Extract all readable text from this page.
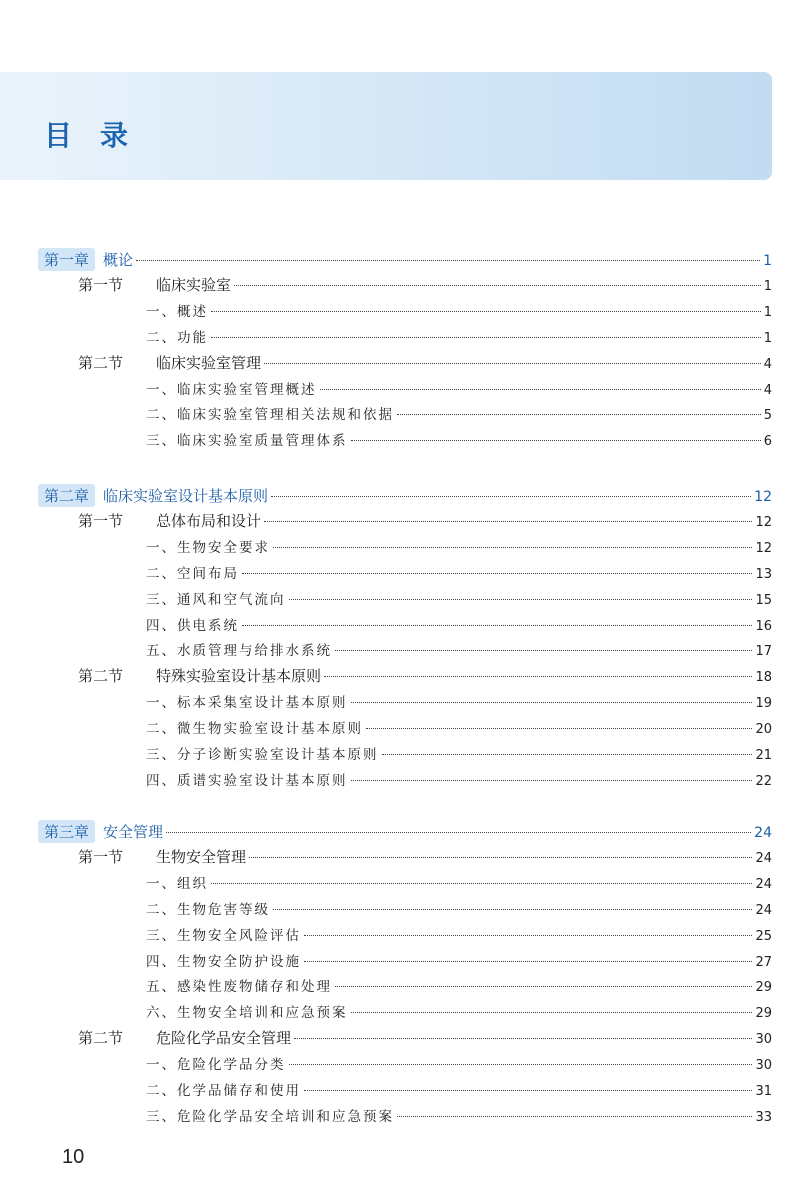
目录
第一章 概论	1
第一节	临床实验室	1
一、概述	1
二、功能	1
第二节	临床实验室管理	4
一、临床实验室管理概述	4
二、临床实验室管理相关法规和依据	5
三、临床实验室质量管理体系	6
第二章 临床实验室设计基本原则	12
第一节	总体布局和设计	12
一、生物安全要求	12
二、空间布局	13
三、通风和空气流向	15
四、供电系统	16
五、水质管理与给排水系统	17
第二节	特殊实验室设计基本原则	18
一、标本采集室设计基本原则	19
二、微生物实验室设计基本原则	20
三、分子诊断实验室设计基本原则	21
四、质谱实验室设计基本原则	22
第三章 安全管理	24
第一节	生物安全管理	24
一、组织	24
二、生物危害等级	24
三、生物安全风险评估	25
四、生物安全防护设施	27
五、感染性废物储存和处理	29
六、生物安全培训和应急预案	29
第二节	危险化学品安全管理	30
一、危险化学品分类	30
二、化学品储存和使用	31
三、危险化学品安全培训和应急预案	33
10
